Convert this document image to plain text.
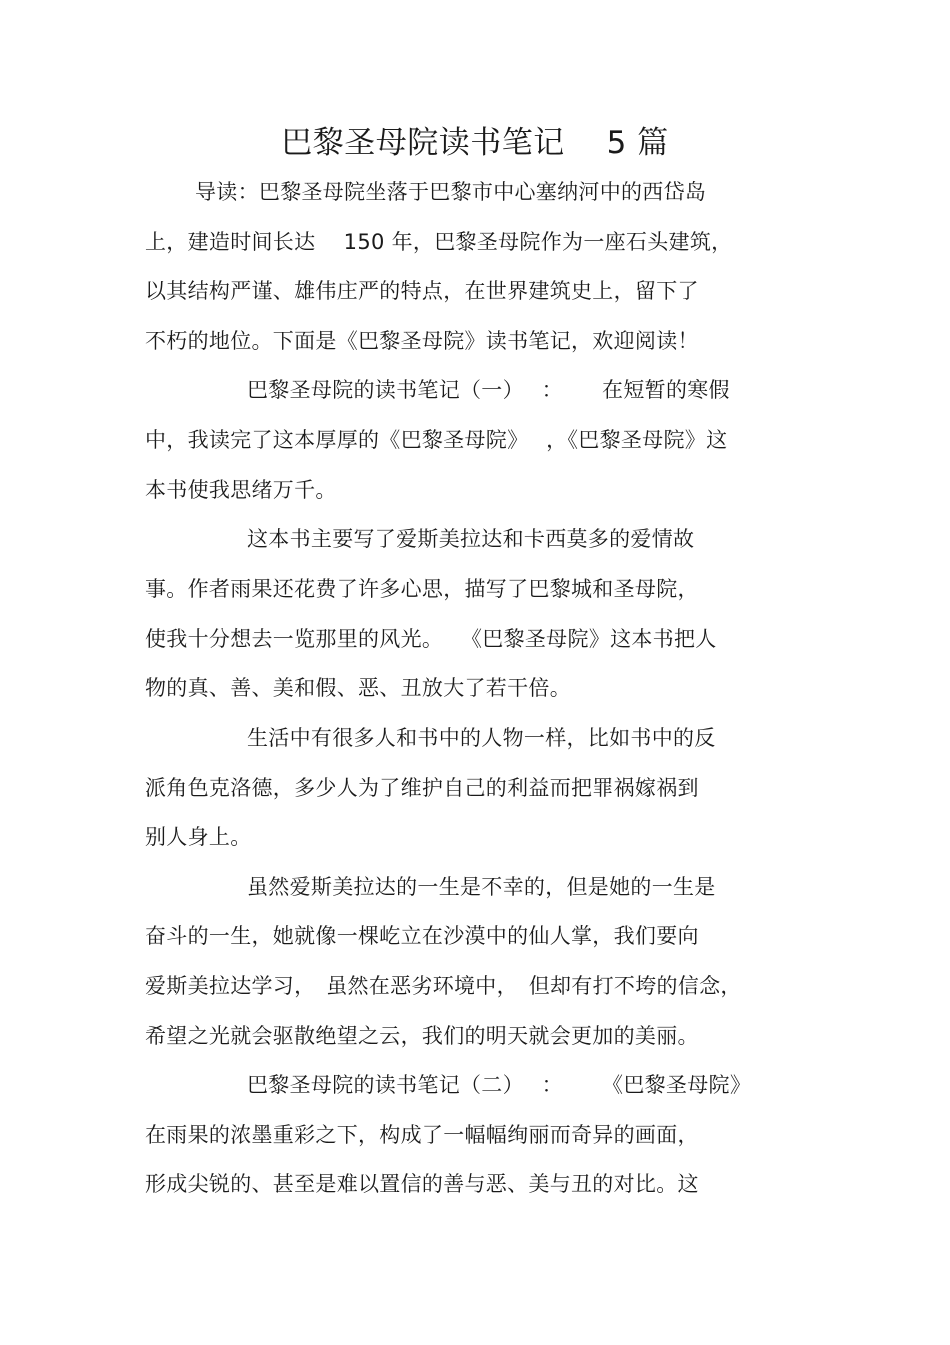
巴黎圣母院读书笔记　 5 篇
导读：巴黎圣母院坐落于巴黎市中心塞纳河中的西岱岛
上，建造时间长达　 150 年，巴黎圣母院作为一座石头建筑，
以其结构严谨、雄伟庄严的特点，在世界建筑史上，留下了
不朽的地位。下面是《巴黎圣母院》读书笔记，欢迎阅读！
巴黎圣母院的读书笔记（一）　 ：　　 在短暂的寒假
中，我读完了这本厚厚的《巴黎圣母院》　 ，《巴黎圣母院》这
本书使我思绪万千。
这本书主要写了爱斯美拉达和卡西莫多的爱情故
事。作者雨果还花费了许多心思，描写了巴黎城和圣母院，
使我十分想去一览那里的风光。　 《巴黎圣母院》这本书把人
物的真、善、美和假、恶、丑放大了若干倍。
生活中有很多人和书中的人物一样，比如书中的反
派角色克洛德，多少人为了维护自己的利益而把罪祸嫁祸到
别人身上。
虽然爱斯美拉达的一生是不幸的，但是她的一生是
奋斗的一生，她就像一棵屹立在沙漠中的仙人掌，我们要向
爱斯美拉达学习，　虽然在恶劣环境中，　但却有打不垮的信念，
希望之光就会驱散绝望之云，我们的明天就会更加的美丽。
巴黎圣母院的读书笔记（二）　 ：　　 《巴黎圣母院》
在雨果的浓墨重彩之下，构成了一幅幅绚丽而奇异的画面，
形成尖锐的、甚至是难以置信的善与恶、美与丑的对比。这
